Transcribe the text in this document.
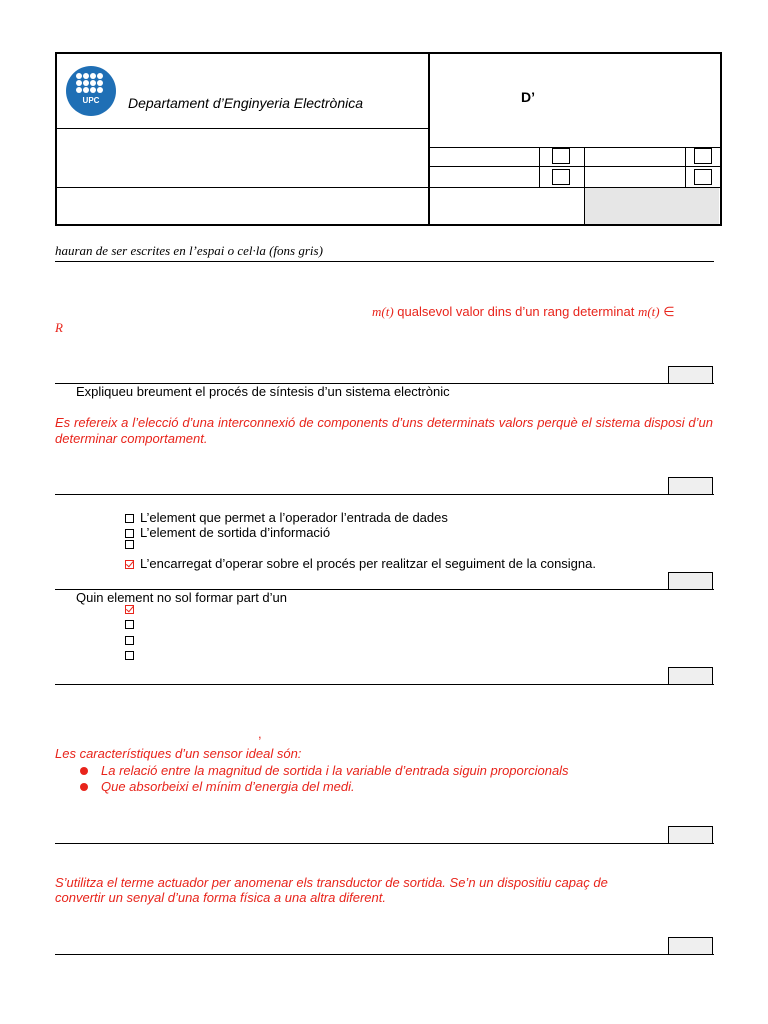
UPC	Departament d’Enginyeria Electrònica	D’
hauran de ser escrites en l’espai o cel·la (fons gris)
m(t) qualsevol valor dins d’un rang determinat m(t) ∈
R
Expliqueu breument el procés de síntesis d’un sistema electrònic
Es refereix a l’elecció d’una interconnexió de components d’uns determinats valors perquè el sistema disposi d’un determinar comportament.
L’element que permet a l’operador l’entrada de dades
L’element de sortida d’informació
L’encarregat d’operar sobre el procés per realitzar el seguiment de la consigna.
Quin element no sol formar part d’un
,
Les característiques d’un sensor ideal són:
La relació entre la magnitud de sortida i la variable d’entrada siguin proporcionals
Que absorbeixi el mínim d’energia del medi.
S’utilitza el terme actuador per anomenar els transductor de sortida. Se’n un dispositiu capaç de
convertir un senyal d’una forma física a una altra diferent.
